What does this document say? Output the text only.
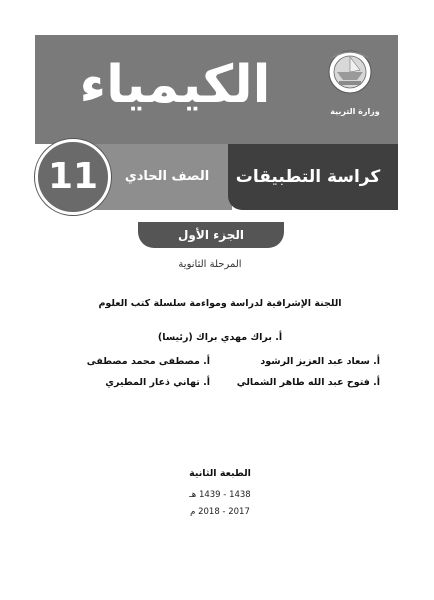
الكيمياء	وزارة التربية
كراسة التطبيقات
الصف الحادي
11
الجزء الأول
المرحلة الثانوية
اللجنة الإشرافية لدراسة ومواءمة سلسلة كتب العلوم
أ. براك مهدي براك (رئيسا)
أ. سعاد عبد العزيز الرشود
أ. مصطفى محمد مصطفى
أ. فتوح عبد الله طاهر الشمالي
أ. تهاني ذعار المطيري
الطبعة الثانية
1438 - 1439 هـ
2017 - 2018 م
